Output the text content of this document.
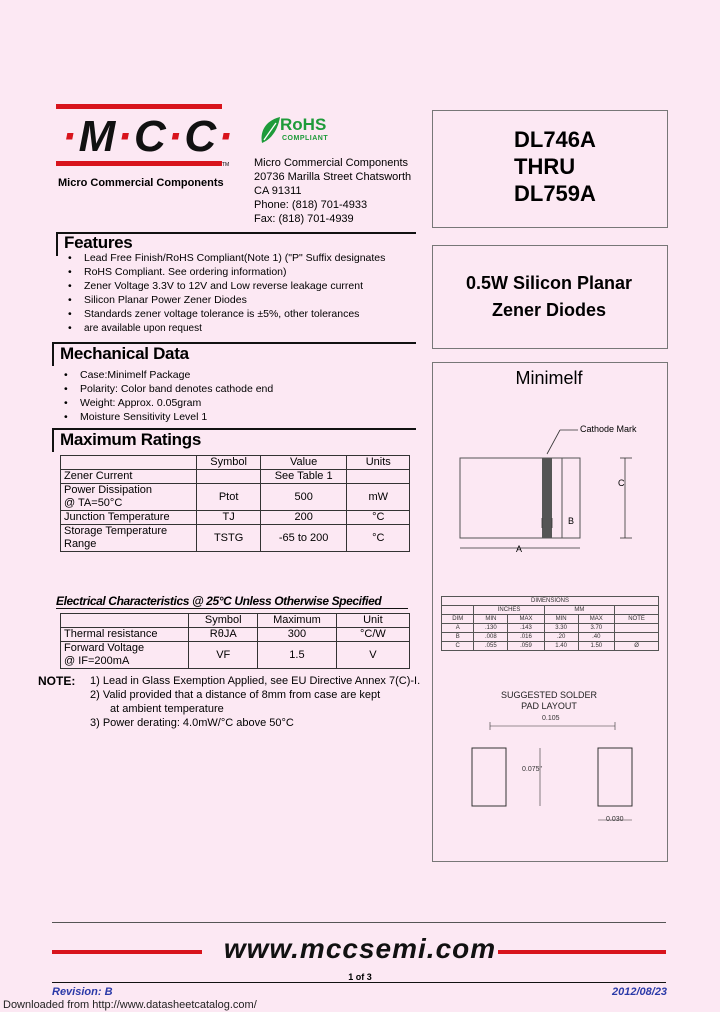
·M·C·C·
TM
Micro Commercial Components
RoHS
COMPLIANT
Micro Commercial Components
20736 Marilla Street Chatsworth
CA 91311
Phone: (818) 701-4933
Fax: (818) 701-4939
DL746A
THRU
DL759A
0.5W Silicon Planar
Zener Diodes
Features
• Lead Free Finish/RoHS Compliant(Note 1) ("P" Suffix designates
• RoHS Compliant. See ordering information)
• Zener Voltage 3.3V to 12V and Low reverse leakage current
• Silicon Planar Power Zener Diodes
• Standards zener voltage tolerance is ±5%, other tolerances
• are available upon request
Mechanical Data
• Case:Minimelf Package
• Polarity: Color band denotes cathode end
• Weight: Approx. 0.05gram
• Moisture Sensitivity Level 1
Maximum Ratings
	Symbol	Value	Units
Zener Current		See Table 1	

Power Dissipation
@ TA=50°C	Ptot	500	mW
Junction Temperature	TJ	200	°C

Storage Temperature
Range	TSTG	-65 to 200	°C
Electrical Characteristics @ 25°C Unless Otherwise Specified
	Symbol	Maximum	Unit
Thermal resistance	RθJA	300	°C/W

Forward Voltage
@ IF=200mA	VF	1.5	V
NOTE: 1) Lead in Glass Exemption Applied, see EU Directive Annex 7(C)-I.
2) Valid provided that a distance of 8mm from case are kept
at ambient temperature
3) Power derating: 4.0mW/°C above 50°C
Minimelf
Cathode Mark
C
B
A
DIMENSIONS					
	INCHES		MM		
DIM	MIN	MAX	MIN	MAX	NOTE
A	.130	.143	3.30	3.70	
B	.008	.016	.20	.40	
C	.055	.059	1.40	1.50	Ø
SUGGESTED SOLDER
PAD LAYOUT
0.105
0.075"
0.030
www.mccsemi.com
1 of 3
Revision: B	2012/08/23
Downloaded from http://www.datasheetcatalog.com/
